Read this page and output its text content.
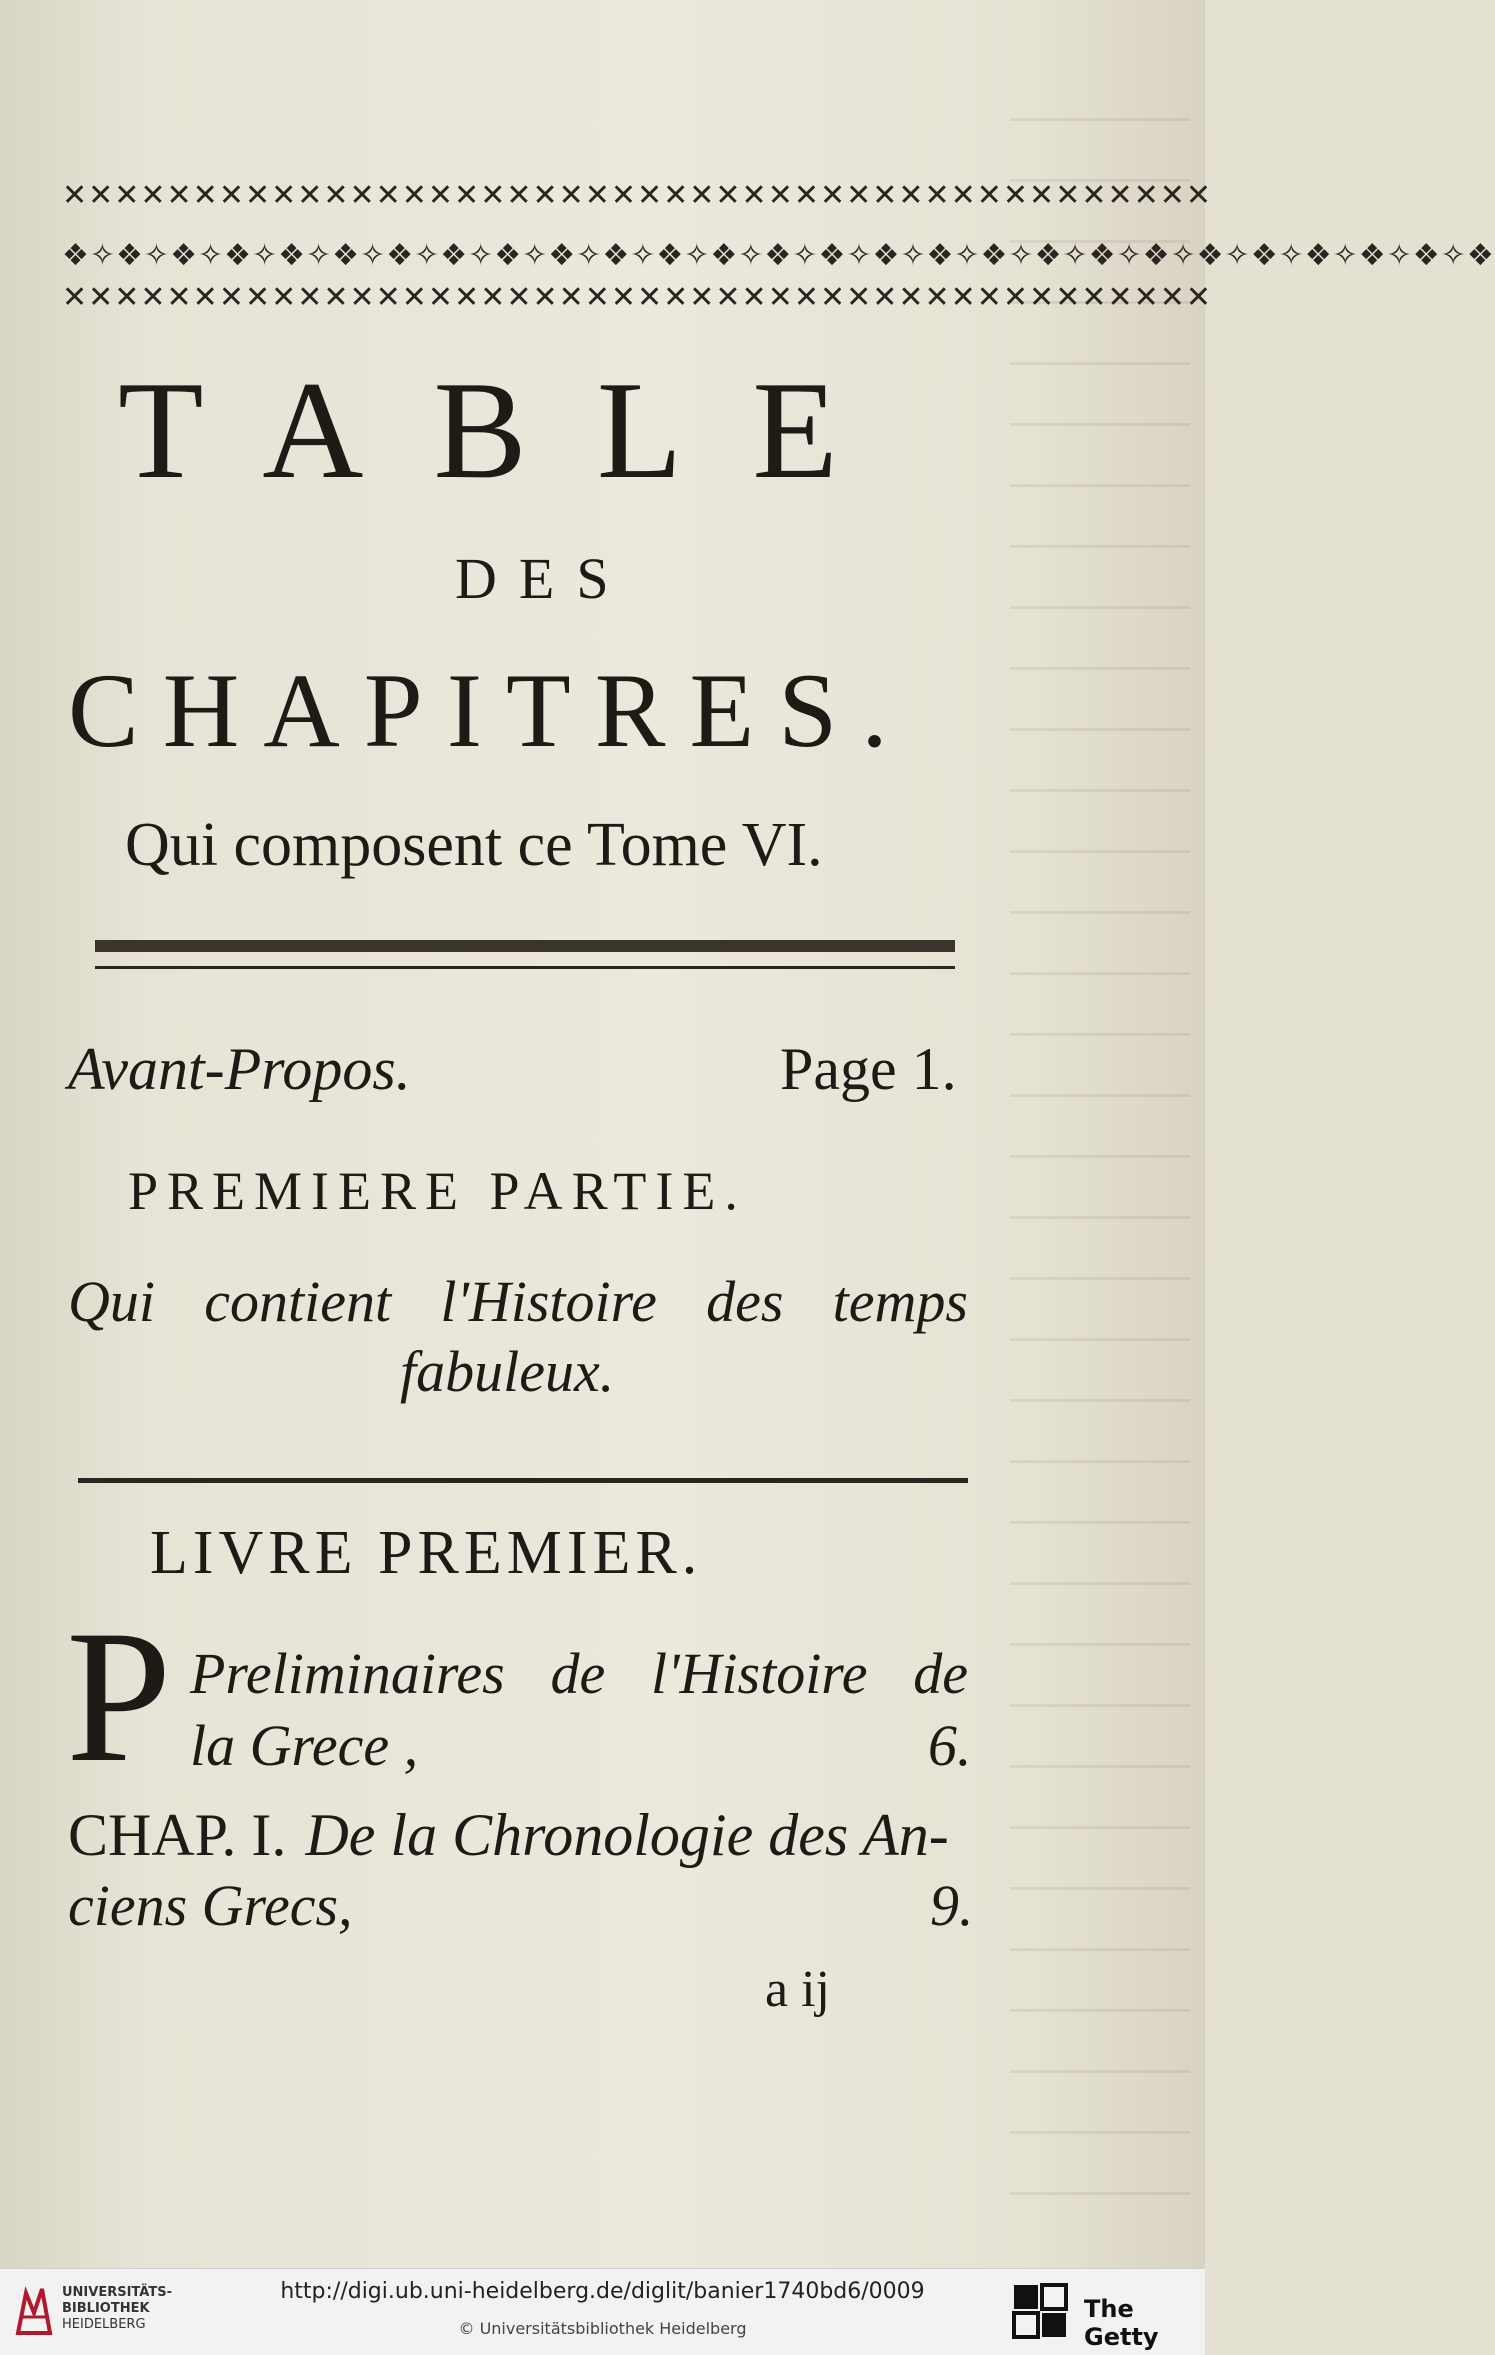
✕✕✕✕✕✕✕✕✕✕✕✕✕✕✕✕✕✕✕✕✕✕✕✕✕✕✕✕✕✕✕✕✕✕✕✕✕✕✕✕✕✕✕✕
❖✧❖✧❖✧❖✧❖✧❖✧❖✧❖✧❖✧❖✧❖✧❖✧❖✧❖✧❖✧❖✧❖✧❖✧❖✧❖✧❖✧❖✧❖✧❖✧❖✧❖✧❖
✕✕✕✕✕✕✕✕✕✕✕✕✕✕✕✕✕✕✕✕✕✕✕✕✕✕✕✕✕✕✕✕✕✕✕✕✕✕✕✕✕✕✕✕
TABLE
DES
CHAPITRES.
Qui composent ce Tome VI.
Avant-Propos.	Page 1.
PREMIERE PARTIE.
Qui contient l'Histoire des temps
fabuleux.
LIVRE PREMIER.
P Preliminaires de l'Histoire de
la Grece ,	6.
CHAP. I. De la Chronologie des An-
ciens Grecs,	9.
a ij
UNIVERSITÄTS-
BIBLIOTHEK
HEIDELBERG
http://digi.ub.uni-heidelberg.de/diglit/banier1740bd6/0009
© Universitätsbibliothek Heidelberg
The Getty
